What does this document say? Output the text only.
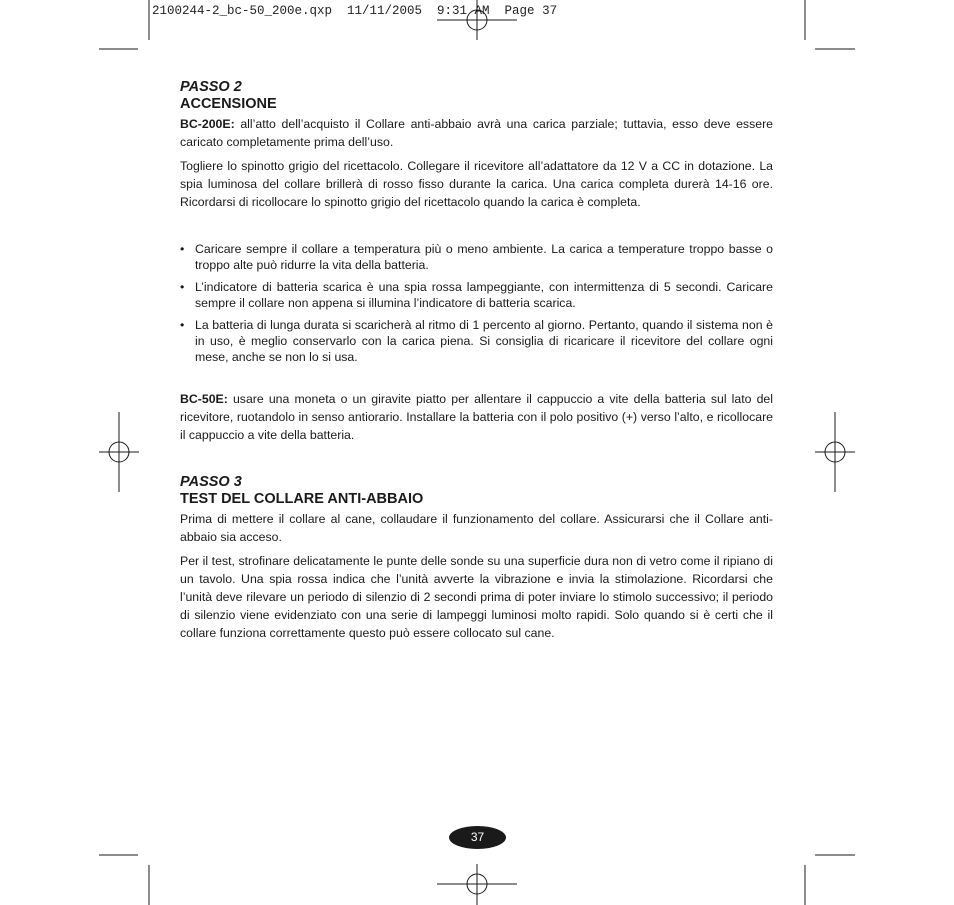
2100244-2_bc-50_200e.qxp  11/11/2005  9:31 AM  Page 37
PASSO 2
ACCENSIONE

BC-200E: all’atto dell’acquisto il Collare anti-abbaio avrà una carica parziale; tuttavia, esso deve essere caricato completamente prima dell’uso.

Togliere lo spinotto grigio del ricettacolo. Collegare il ricevitore all’adattatore da 12 V a CC in dotazione. La spia luminosa del collare brillerà di rosso fisso durante la carica. Una carica completa durerà 14-16 ore. Ricordarsi di ricollocare lo spinotto grigio del ricettacolo quando la carica è completa.

• Caricare sempre il collare a temperatura più o meno ambiente. La carica a temperature troppo basse o troppo alte può ridurre la vita della batteria.
• L’indicatore di batteria scarica è una spia rossa lampeggiante, con intermittenza di 5 secondi. Caricare sempre il collare non appena si illumina l’indicatore di batteria scarica.
• La batteria di lunga durata si scaricherà al ritmo di 1 percento al giorno. Pertanto, quando il sistema non è in uso, è meglio conservarlo con la carica piena. Si consiglia di ricaricare il ricevitore del collare ogni mese, anche se non lo si usa.

BC-50E: usare una moneta o un giravite piatto per allentare il cappuccio a vite della batteria sul lato del ricevitore, ruotandolo in senso antiorario. Installare la batteria con il polo positivo (+) verso l’alto, e ricollocare il cappuccio a vite della batteria.

PASSO 3
TEST DEL COLLARE ANTI-ABBAIO

Prima di mettere il collare al cane, collaudare il funzionamento del collare. Assicurarsi che il Collare anti-abbaio sia acceso.

Per il test, strofinare delicatamente le punte delle sonde su una superficie dura non di vetro come il ripiano di un tavolo. Una spia rossa indica che l’unità avverte la vibrazione e invia la stimolazione. Ricordarsi che l’unità deve rilevare un periodo di silenzio di 2 secondi prima di poter inviare lo stimolo successivo; il periodo di silenzio viene evidenziato con una serie di lampeggi luminosi molto rapidi. Solo quando si è certi che il collare funziona correttamente questo può essere collocato sul cane.

37
